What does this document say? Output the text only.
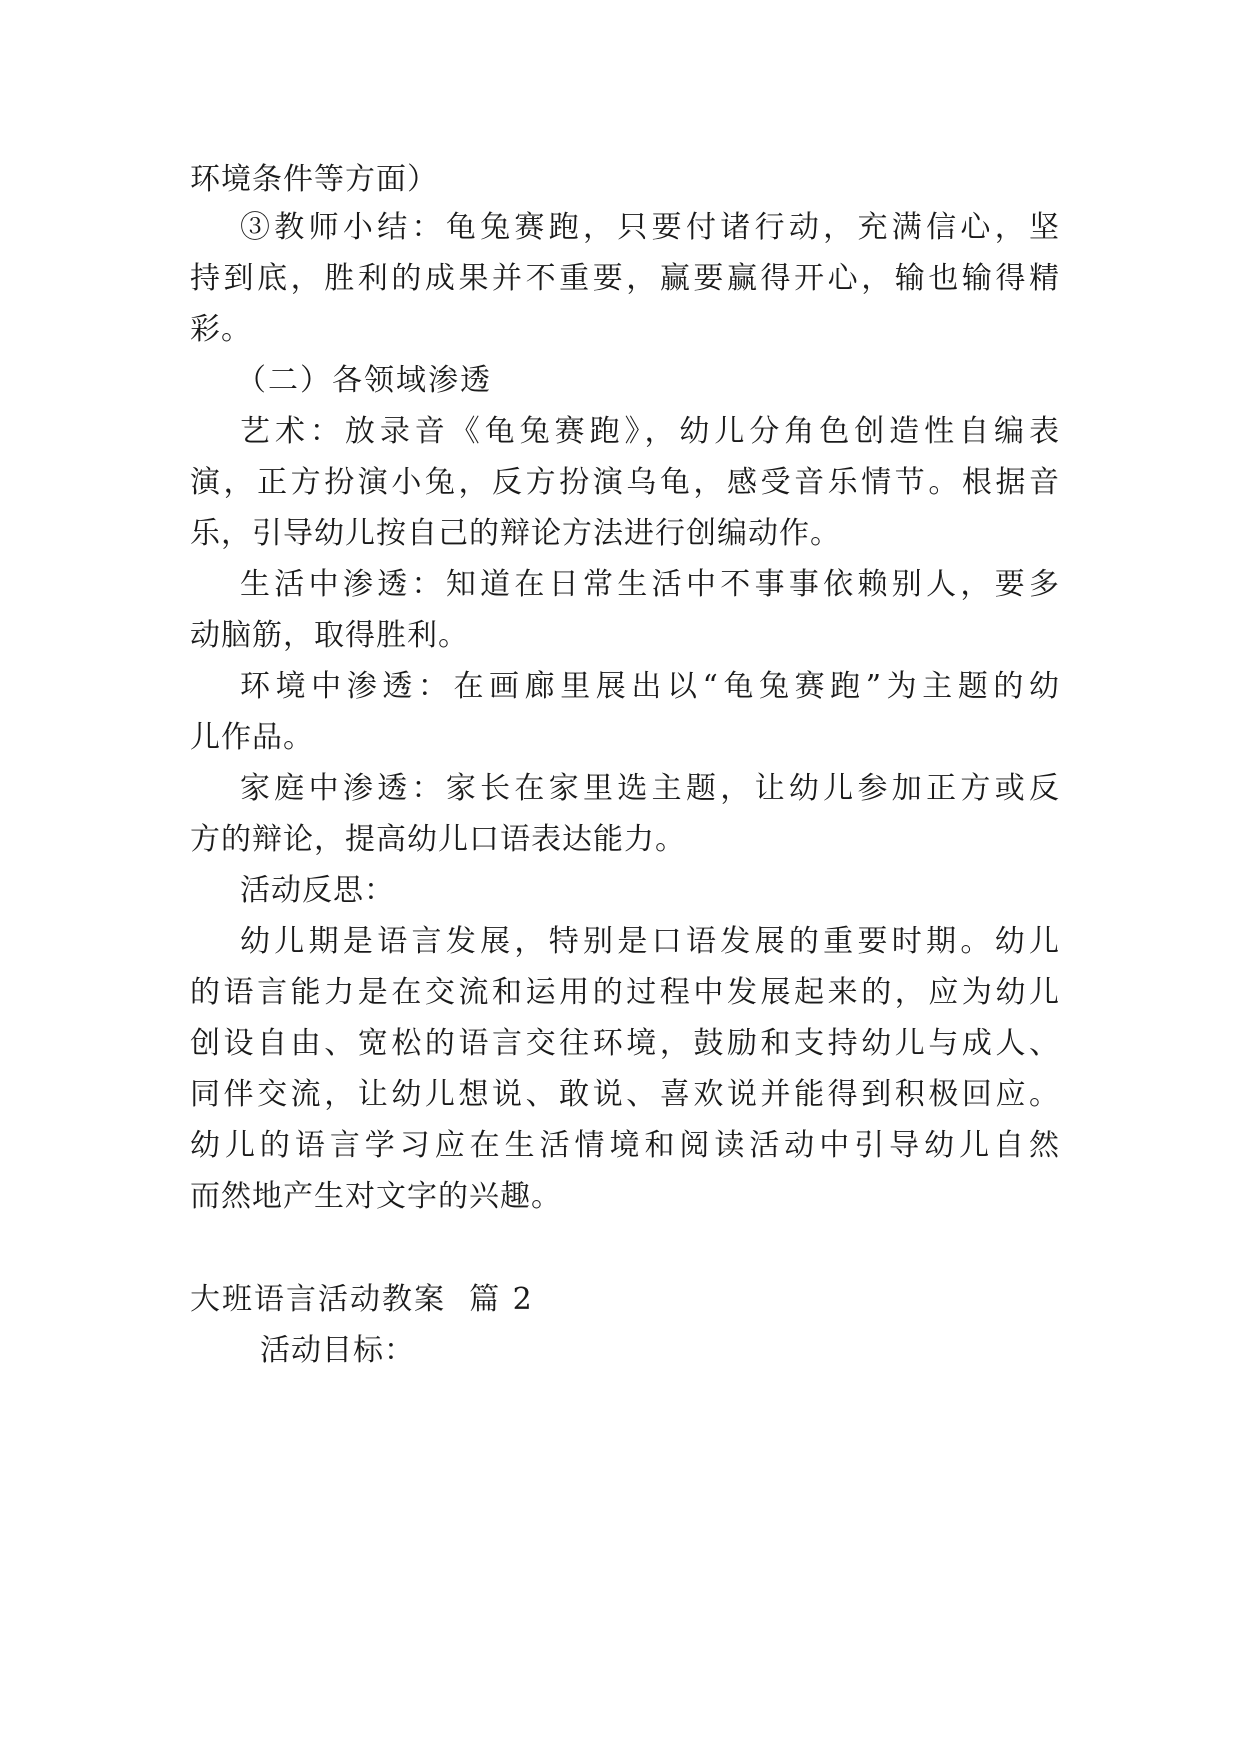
环境条件等方面）
③教师小结：龟兔赛跑，只要付诸行动，充满信心，坚
持到底，胜利的成果并不重要，赢要赢得开心，输也输得精
彩。
（二）各领域渗透
艺术：放录音《龟兔赛跑》，幼儿分角色创造性自编表
演，正方扮演小兔，反方扮演乌龟，感受音乐情节。根据音
乐，引导幼儿按自己的辩论方法进行创编动作。
生活中渗透：知道在日常生活中不事事依赖别人，要多
动脑筋，取得胜利。
环境中渗透：在画廊里展出以“龟兔赛跑”为主题的幼
儿作品。
家庭中渗透：家长在家里选主题，让幼儿参加正方或反
方的辩论，提高幼儿口语表达能力。
活动反思：
幼儿期是语言发展，特别是口语发展的重要时期。幼儿
的语言能力是在交流和运用的过程中发展起来的，应为幼儿
创设自由、宽松的语言交往环境，鼓励和支持幼儿与成人、
同伴交流，让幼儿想说、敢说、喜欢说并能得到积极回应。
幼儿的语言学习应在生活情境和阅读活动中引导幼儿自然
而然地产生对文字的兴趣。
大班语言活动教案  篇 2
活动目标：
